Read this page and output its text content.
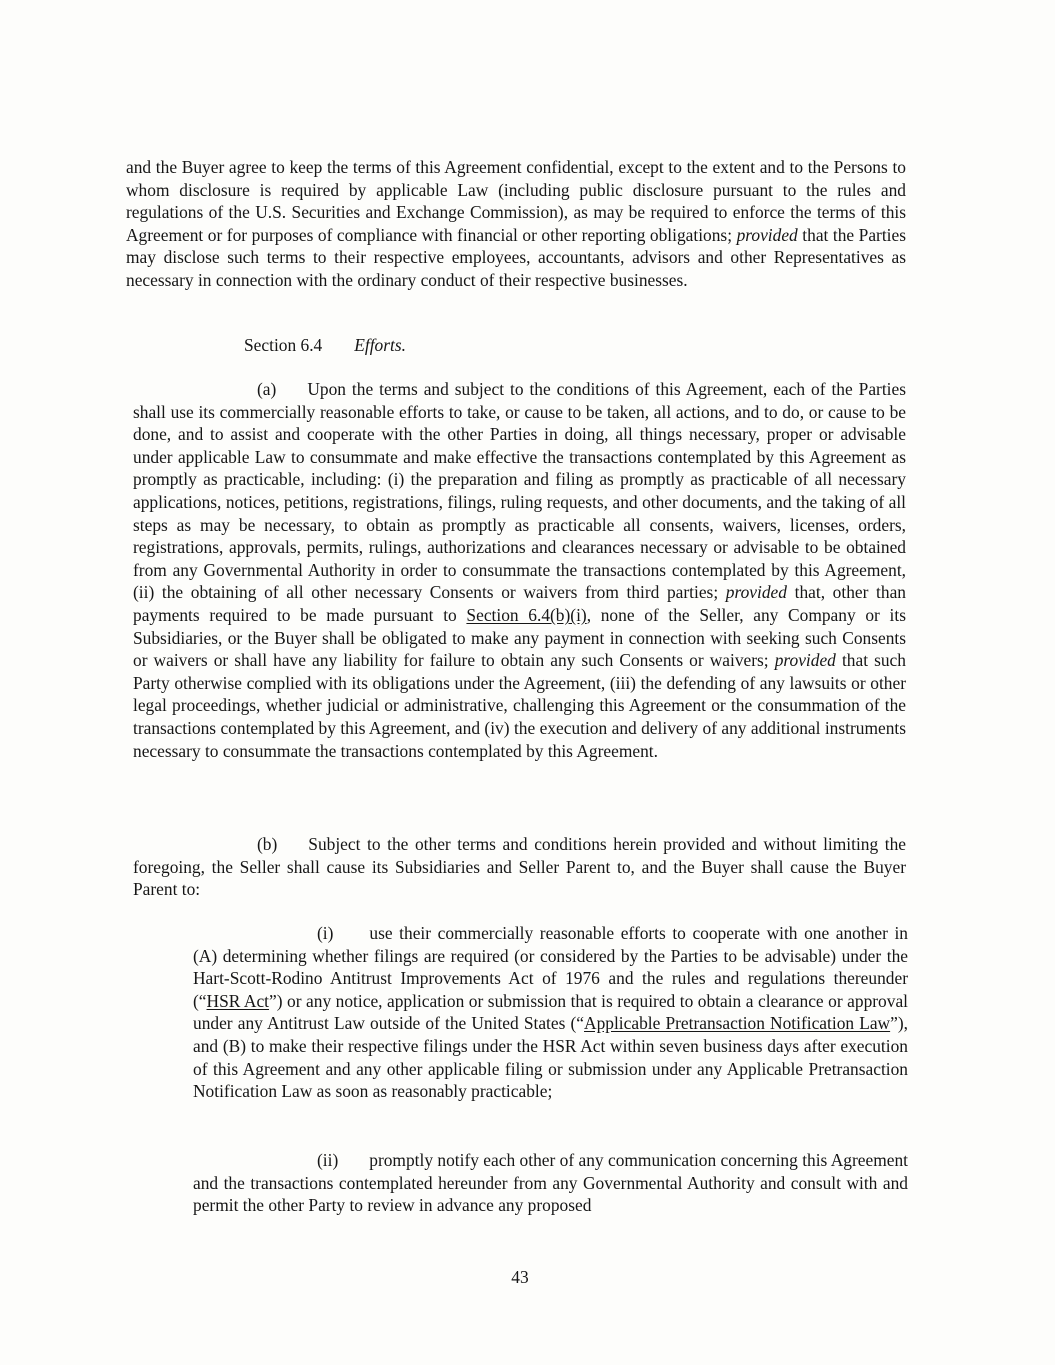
and the Buyer agree to keep the terms of this Agreement confidential, except to the extent and to the Persons to whom disclosure is required by applicable Law (including public disclosure pursuant to the rules and regulations of the U.S. Securities and Exchange Commission), as may be required to enforce the terms of this Agreement or for purposes of compliance with financial or other reporting obligations; provided that the Parties may disclose such terms to their respective employees, accountants, advisors and other Representatives as necessary in connection with the ordinary conduct of their respective businesses.

Section 6.4 Efforts.

(a) Upon the terms and subject to the conditions of this Agreement, each of the Parties shall use its commercially reasonable efforts to take, or cause to be taken, all actions, and to do, or cause to be done, and to assist and cooperate with the other Parties in doing, all things necessary, proper or advisable under applicable Law to consummate and make effective the transactions contemplated by this Agreement as promptly as practicable, including: (i) the preparation and filing as promptly as practicable of all necessary applications, notices, petitions, registrations, filings, ruling requests, and other documents, and the taking of all steps as may be necessary, to obtain as promptly as practicable all consents, waivers, licenses, orders, registrations, approvals, permits, rulings, authorizations and clearances necessary or advisable to be obtained from any Governmental Authority in order to consummate the transactions contemplated by this Agreement, (ii) the obtaining of all other necessary Consents or waivers from third parties; provided that, other than payments required to be made pursuant to Section 6.4(b)(i), none of the Seller, any Company or its Subsidiaries, or the Buyer shall be obligated to make any payment in connection with seeking such Consents or waivers or shall have any liability for failure to obtain any such Consents or waivers; provided that such Party otherwise complied with its obligations under the Agreement, (iii) the defending of any lawsuits or other legal proceedings, whether judicial or administrative, challenging this Agreement or the consummation of the transactions contemplated by this Agreement, and (iv) the execution and delivery of any additional instruments necessary to consummate the transactions contemplated by this Agreement.

(b) Subject to the other terms and conditions herein provided and without limiting the foregoing, the Seller shall cause its Subsidiaries and Seller Parent to, and the Buyer shall cause the Buyer Parent to:

(i) use their commercially reasonable efforts to cooperate with one another in (A) determining whether filings are required (or considered by the Parties to be advisable) under the Hart-Scott-Rodino Antitrust Improvements Act of 1976 and the rules and regulations thereunder (“HSR Act”) or any notice, application or submission that is required to obtain a clearance or approval under any Antitrust Law outside of the United States (“Applicable Pretransaction Notification Law”), and (B) to make their respective filings under the HSR Act within seven business days after execution of this Agreement and any other applicable filing or submission under any Applicable Pretransaction Notification Law as soon as reasonably practicable;

(ii) promptly notify each other of any communication concerning this Agreement and the transactions contemplated hereunder from any Governmental Authority and consult with and permit the other Party to review in advance any proposed

43
